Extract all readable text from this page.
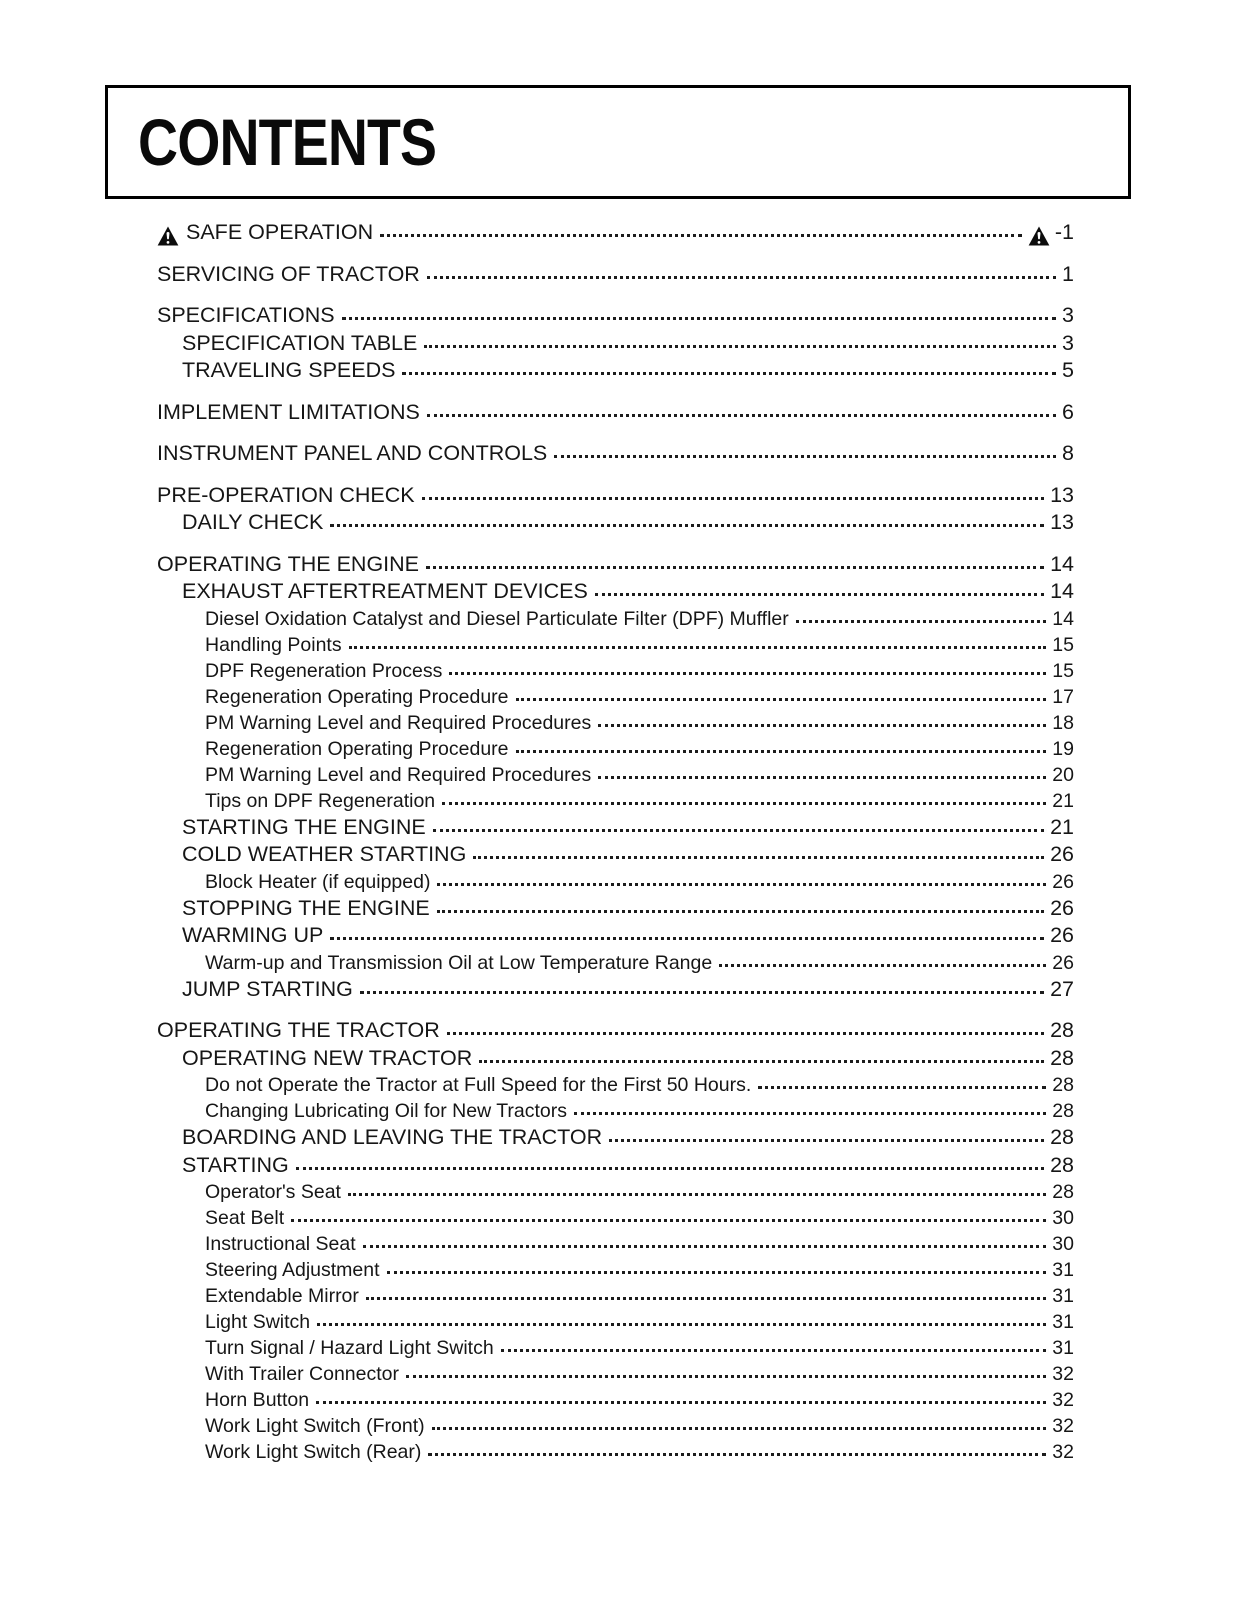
CONTENTS
SAFE OPERATION	-1
SERVICING OF TRACTOR	1
SPECIFICATIONS	3
SPECIFICATION TABLE	3
TRAVELING SPEEDS	5
IMPLEMENT LIMITATIONS	6
INSTRUMENT PANEL AND CONTROLS	8
PRE-OPERATION CHECK	13
DAILY CHECK	13
OPERATING THE ENGINE	14
EXHAUST AFTERTREATMENT DEVICES	14
Diesel Oxidation Catalyst and Diesel Particulate Filter (DPF) Muffler	14
Handling Points	15
DPF Regeneration Process	15
Regeneration Operating Procedure	17
PM Warning Level and Required Procedures	18
Regeneration Operating Procedure	19
PM Warning Level and Required Procedures	20
Tips on DPF Regeneration	21
STARTING THE ENGINE	21
COLD WEATHER STARTING	26
Block Heater (if equipped)	26
STOPPING THE ENGINE	26
WARMING UP	26
Warm-up and Transmission Oil at Low Temperature Range	26
JUMP STARTING	27
OPERATING THE TRACTOR	28
OPERATING NEW TRACTOR	28
Do not Operate the Tractor at Full Speed for the First 50 Hours.	28
Changing Lubricating Oil for New Tractors	28
BOARDING AND LEAVING THE TRACTOR	28
STARTING	28
Operator's Seat	28
Seat Belt	30
Instructional Seat	30
Steering Adjustment	31
Extendable Mirror	31
Light Switch	31
Turn Signal / Hazard Light Switch	31
With Trailer Connector	32
Horn Button	32
Work Light Switch (Front)	32
Work Light Switch (Rear)	32
